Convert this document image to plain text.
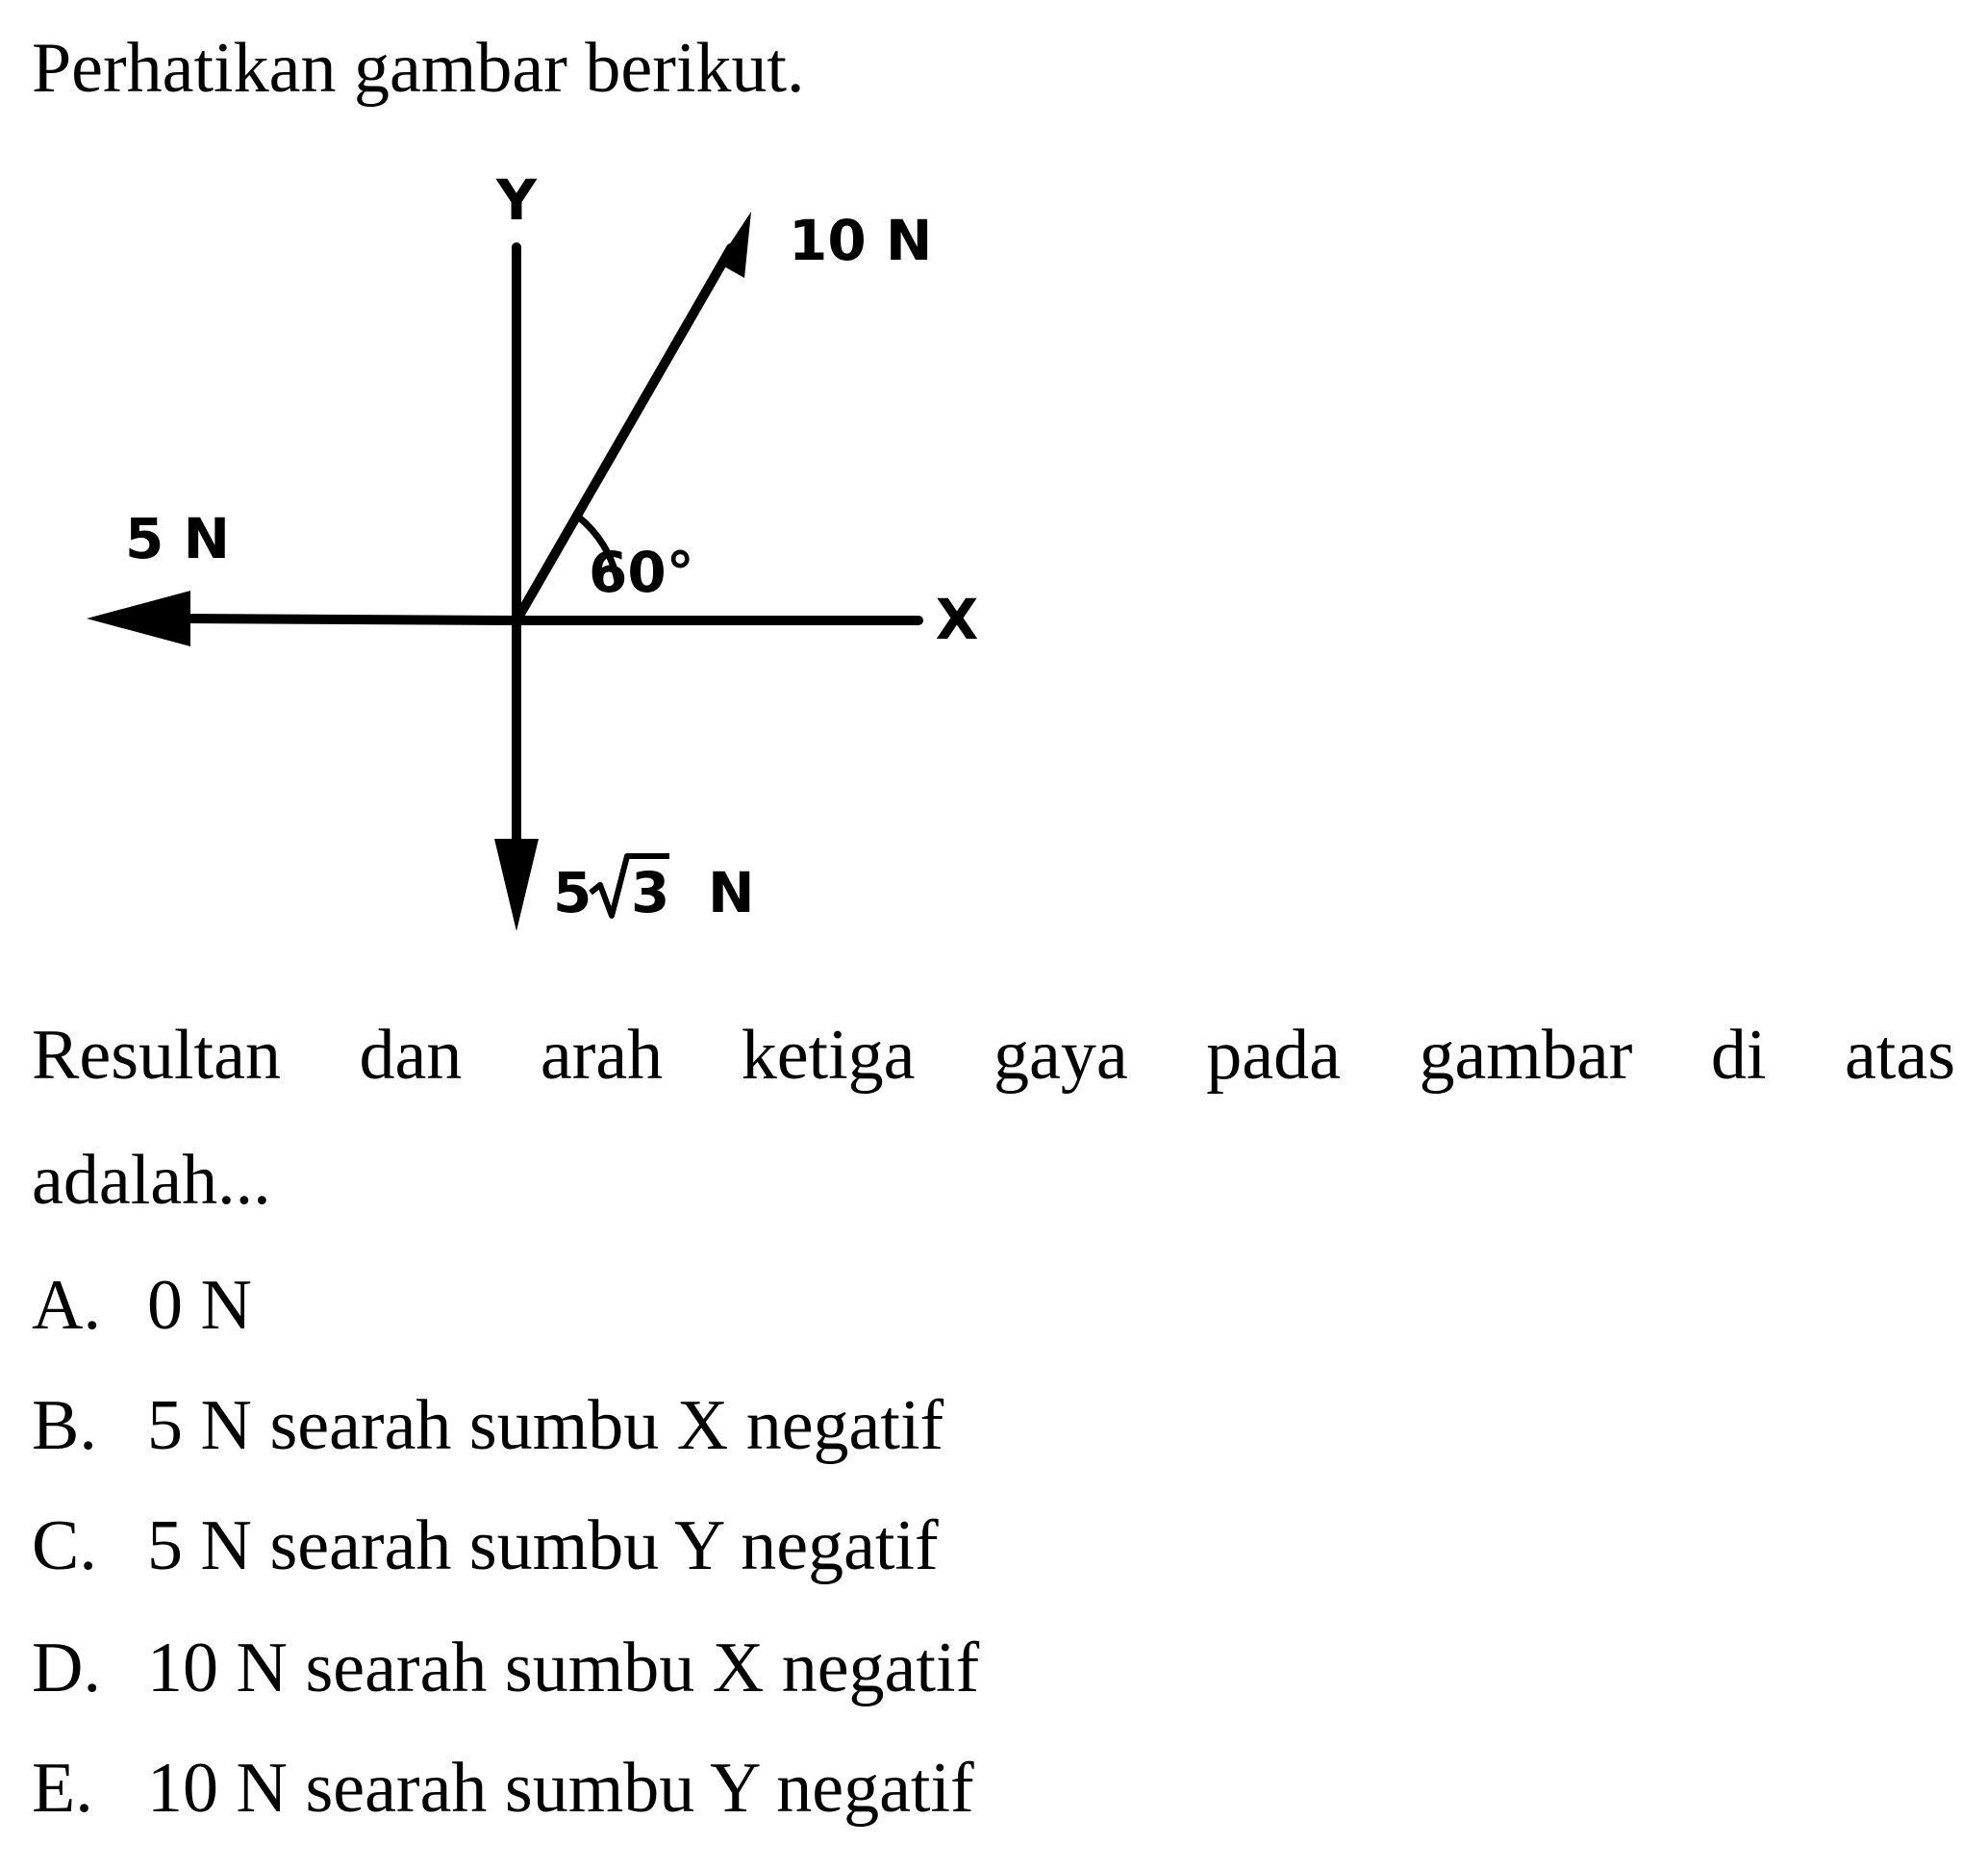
Perhatikan gambar berikut.
Y
X
10 N
5 N
60°
5 3 N

Resultan dan arah ketiga gaya pada gambar di atas

adalah...

A. 0 N
B. 5 N searah sumbu X negatif
C. 5 N searah sumbu Y negatif
D. 10 N searah sumbu X negatif
E. 10 N searah sumbu Y negatif
